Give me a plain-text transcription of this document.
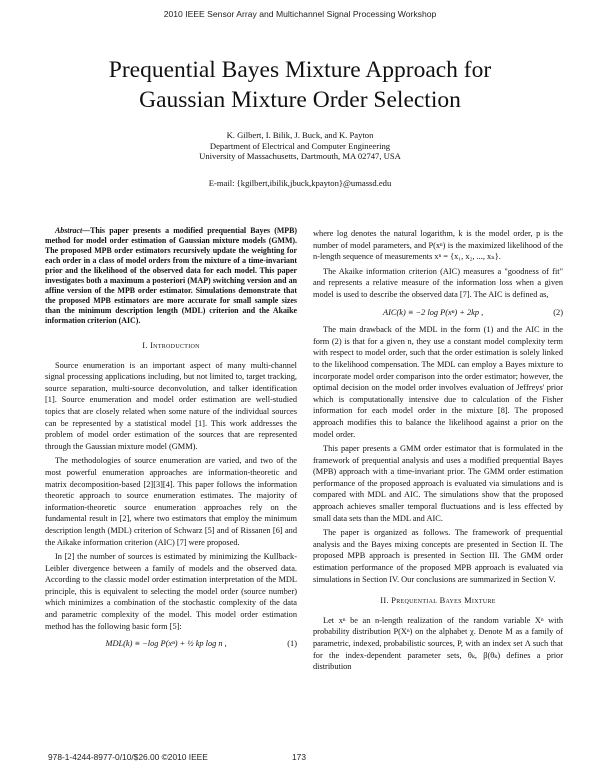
2010 IEEE Sensor Array and Multichannel Signal Processing Workshop
Prequential Bayes Mixture Approach for
Gaussian Mixture Order Selection
K. Gilbert, I. Bilik, J. Buck, and K. Payton
Department of Electrical and Computer Engineering
University of Massachusetts, Dartmouth, MA 02747, USA
E-mail: {kgilbert,ibilik,jbuck,kpayton}@umassd.edu

Abstract—This paper presents a modified prequential Bayes (MPB) method for model order estimation of Gaussian mixture models (GMM). The proposed MPB order estimators recursively update the weighting for each order in a class of model orders from the mixture of a time-invariant prior and the likelihood of the observed data for each model. This paper investigates both a maximum a posteriori (MAP) switching version and an affine version of the MPB order estimator. Simulations demonstrate that the proposed MPB estimators are more accurate for small sample sizes than the minimum description length (MDL) criterion and the Akaike information criterion (AIC).

I. Introduction

Source enumeration is an important aspect of many multi-channel signal processing applications including, but not limited to, target tracking, source separation, multi-source deconvolution, and talker identification [1]. Source enumeration and model order estimation are well-studied topics that are closely related when some nature of the individual sources can be represented by a statistical model [1]. This work addresses the problem of model order estimation of the sources that are represented through the Gaussian mixture model (GMM).

The methodologies of source enumeration are varied, and two of the most powerful enumeration approaches are information-theoretic and matrix decomposition-based [2][3][4]. This paper follows the information theoretic approach to source enumeration estimates. The majority of information-theoretic source enumeration approaches rely on the fundamental result in [2], where two estimators that employ the minimum description length (MDL) criterion of Schwarz [5] and of Rissanen [6] and the Aikake information criterion (AIC) [7] were proposed.

In [2] the number of sources is estimated by minimizing the Kullback-Leibler divergence between a family of models and the observed data. According to the classic model order estimation interpretation of the MDL principle, this is equivalent to selecting the model order (source number) which minimizes a combination of the stochastic complexity of the data and parametric complexity of the model. This model order estimation method has the following basic form [5]:

MDL(k) ≡ −log P(xⁿ) + ½ kp log n ,	(1)

where log denotes the natural logarithm, k is the model order, p is the number of model parameters, and P(xⁿ) is the maximized likelihood of the n-length sequence of measurements xⁿ = {x₁, x₂, ..., xₙ}.

The Akaike information criterion (AIC) measures a "goodness of fit" and represents a relative measure of the information loss when a given model is used to describe the observed data [7]. The AIC is defined as,

AIC(k) ≡ −2 log P(xⁿ) + 2kp ,	(2)

The main drawback of the MDL in the form (1) and the AIC in the form (2) is that for a given n, they use a constant model complexity term with respect to model order, such that the order estimation is solely linked to the likelihood compensation. The MDL can employ a Bayes mixture to incorporate model order comparison into the order estimator; however, the optimal decision on the model order involves evaluation of Jeffreys' prior which is computationally intensive due to calculation of the Fisher information for each model order in the mixture [8]. The proposed approach modifies this to balance the likelihood against a prior on the model order.

This paper presents a GMM order estimator that is formulated in the framework of prequential analysis and uses a modified prequential Bayes (MPB) approach with a time-invariant prior. The GMM order estimation performance of the proposed approach is evaluated via simulations and is compared with MDL and AIC. The simulations show that the proposed approach achieves smaller temporal fluctuations and is less effected by small data sets than the MDL and AIC.

The paper is organized as follows. The framework of prequential analysis and the Bayes mixing concepts are presented in Section II. The proposed MPB approach is presented in Section III. The GMM order estimation performance of the proposed MPB approach is evaluated via simulations in Section IV. Our conclusions are summarized in Section V.

II. Prequential Bayes Mixture

Let xⁿ be an n-length realization of the random variable Xⁿ with probability distribution P(Xⁿ) on the alphabet χ. Denote M as a family of parametric, indexed, probabilistic sources, P, with an index set Λ such that for the index-dependent parameter sets, θₖ, β(θₖ) defines a prior distribution

978-1-4244-8977-0/10/$26.00 ©2010 IEEE	173
